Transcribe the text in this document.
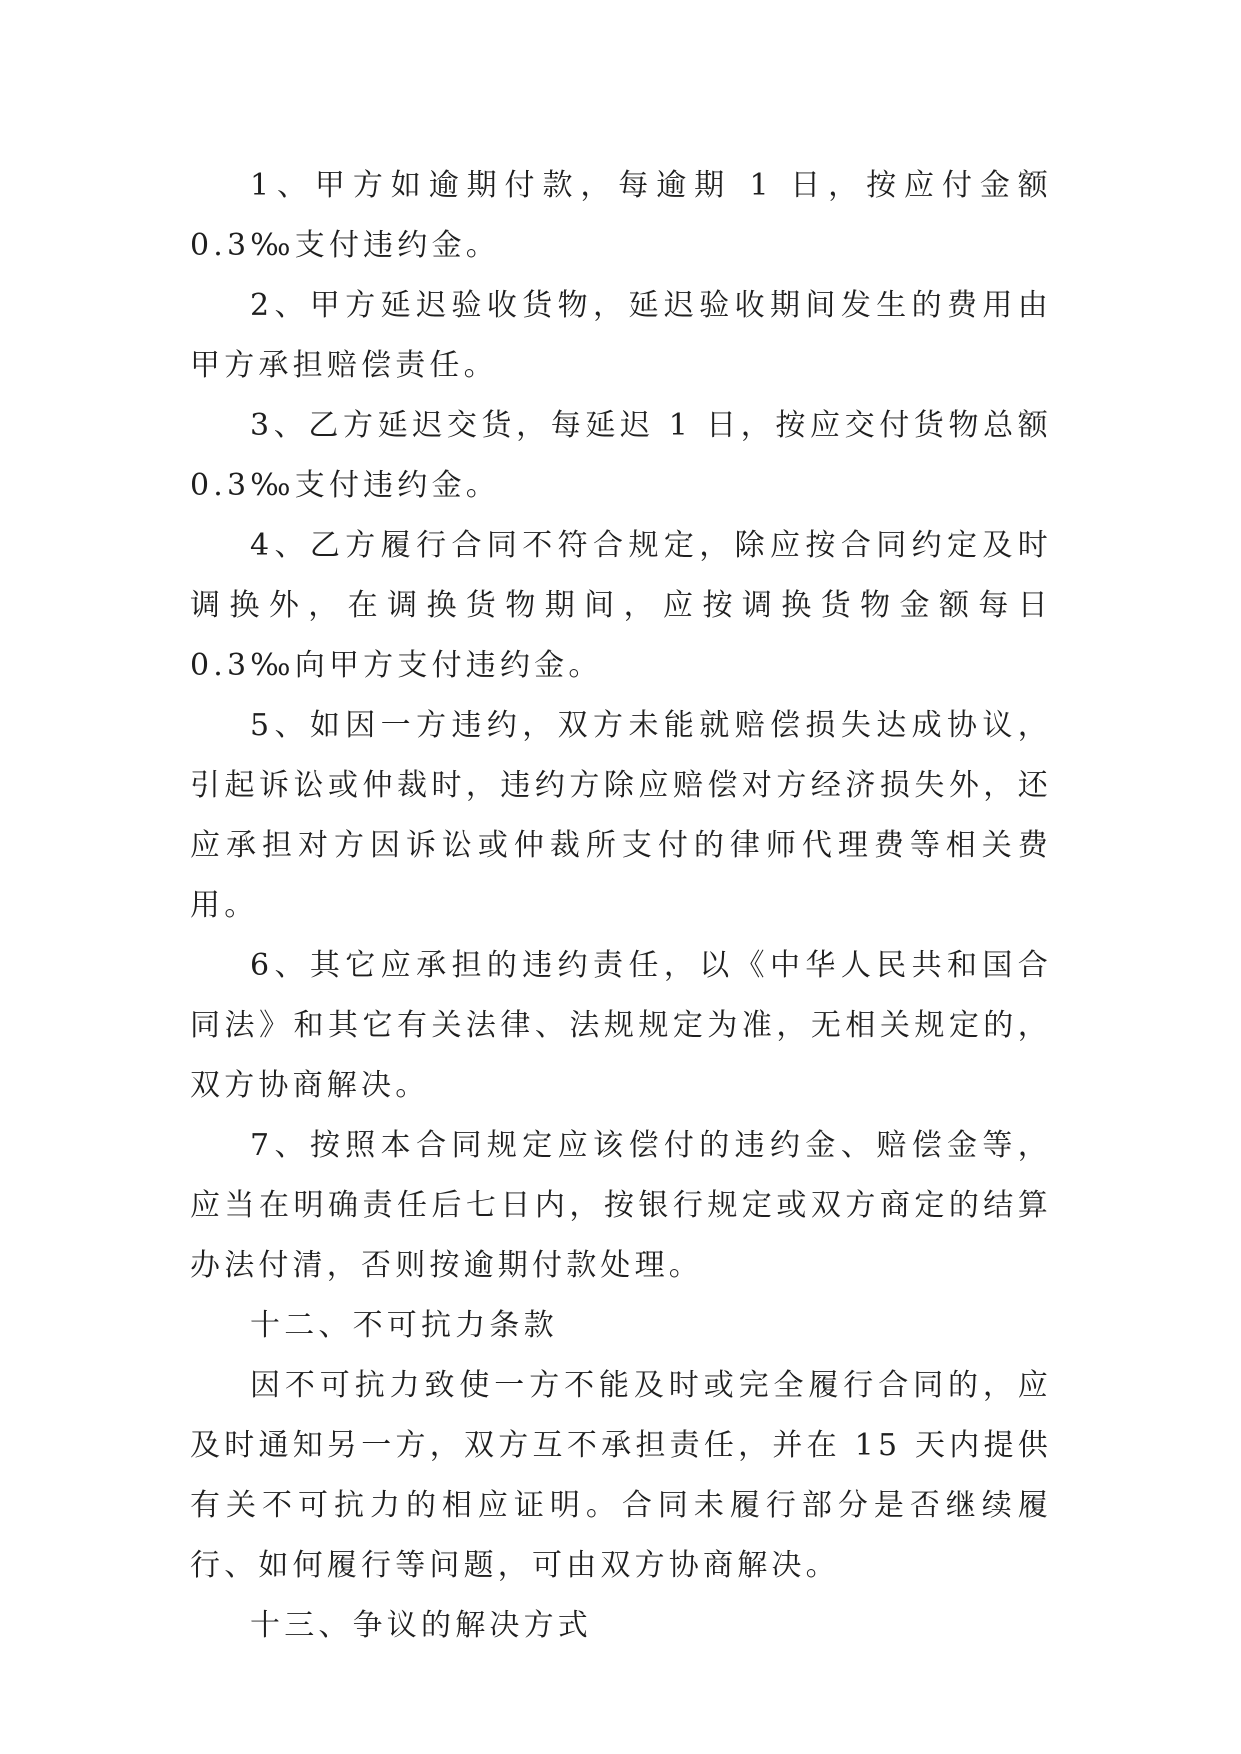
1、甲方如逾期付款，每逾期 1 日，按应付金额 0.3‰支付违约金。

2、甲方延迟验收货物，延迟验收期间发生的费用由甲方承担赔偿责任。

3、乙方延迟交货，每延迟 1 日，按应交付货物总额 0.3‰支付违约金。

4、乙方履行合同不符合规定，除应按合同约定及时调换外，在调换货物期间，应按调换货物金额每日 0.3‰向甲方支付违约金。

5、如因一方违约，双方未能就赔偿损失达成协议，引起诉讼或仲裁时，违约方除应赔偿对方经济损失外，还应承担对方因诉讼或仲裁所支付的律师代理费等相关费用。

6、其它应承担的违约责任，以《中华人民共和国合同法》和其它有关法律、法规规定为准，无相关规定的，双方协商解决。

7、按照本合同规定应该偿付的违约金、赔偿金等，应当在明确责任后七日内，按银行规定或双方商定的结算办法付清，否则按逾期付款处理。

十二、不可抗力条款

因不可抗力致使一方不能及时或完全履行合同的，应及时通知另一方，双方互不承担责任，并在 15 天内提供有关不可抗力的相应证明。合同未履行部分是否继续履行、如何履行等问题，可由双方协商解决。

十三、争议的解决方式
